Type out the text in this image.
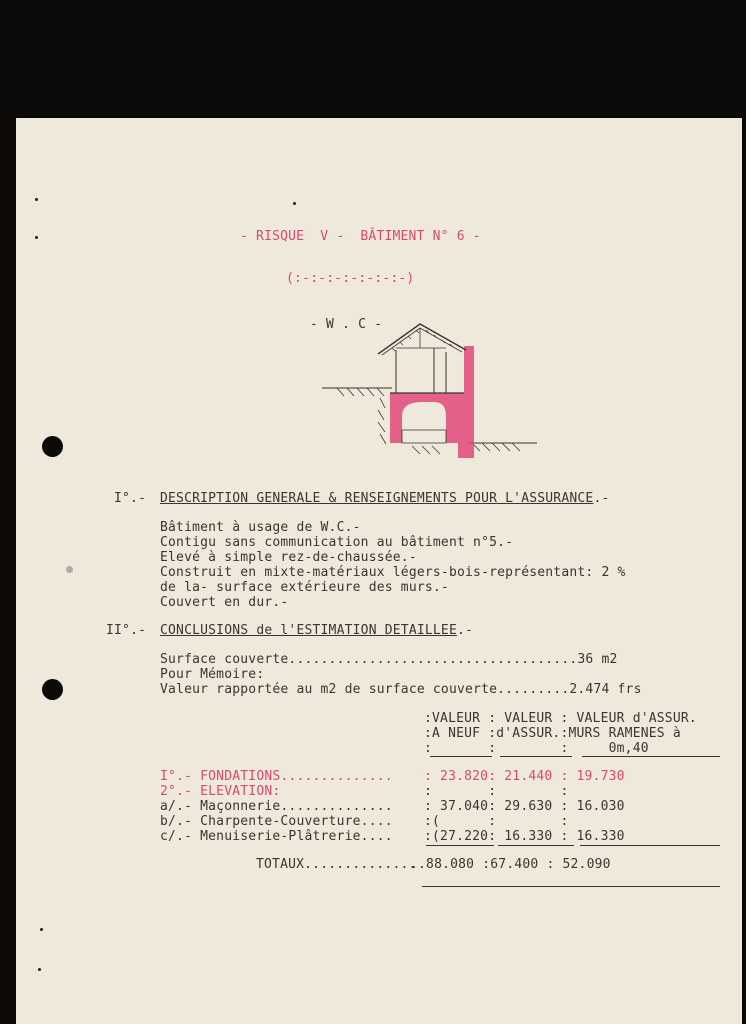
- RISQUE  V -  BÂTIMENT N° 6 -
(:-:-:-:-:-:-:-)
- W . C -
I°.- DESCRIPTION GENERALE & RENSEIGNEMENTS POUR L'ASSURANCE.-
Bâtiment à usage de W.C.-
Contigu sans communication au bâtiment n°5.-
Elevé à simple rez-de-chaussée.-
Construit en mixte-matériaux légers-bois-représentant: 2 %
de la- surface extérieure des murs.-
Couvert en dur.-
II°.- CONCLUSIONS de l'ESTIMATION DETAILLEE.-
Surface couverte....................................36 m2
Pour Mémoire:
Valeur rapportée au m2 de surface couverte.........2.474 frs
:VALEUR : VALEUR : VALEUR d'ASSUR.
:A NEUF :d'ASSUR.:MURS RAMENES à
:       :        :     0m,40
I°.- FONDATIONS.............. : 23.820: 21.440 : 19.730
2°.- ELEVATION:	:       :        :
a/.- Maçonnerie.............. : 37.040: 29.630 : 16.030
b/.- Charpente-Couverture.... :(      :        :
c/.- Menuiserie-Plâtrerie.... :(27.220: 16.330 : 16.330
TOTAUX..............
..88.080 :67.400 : 52.090
